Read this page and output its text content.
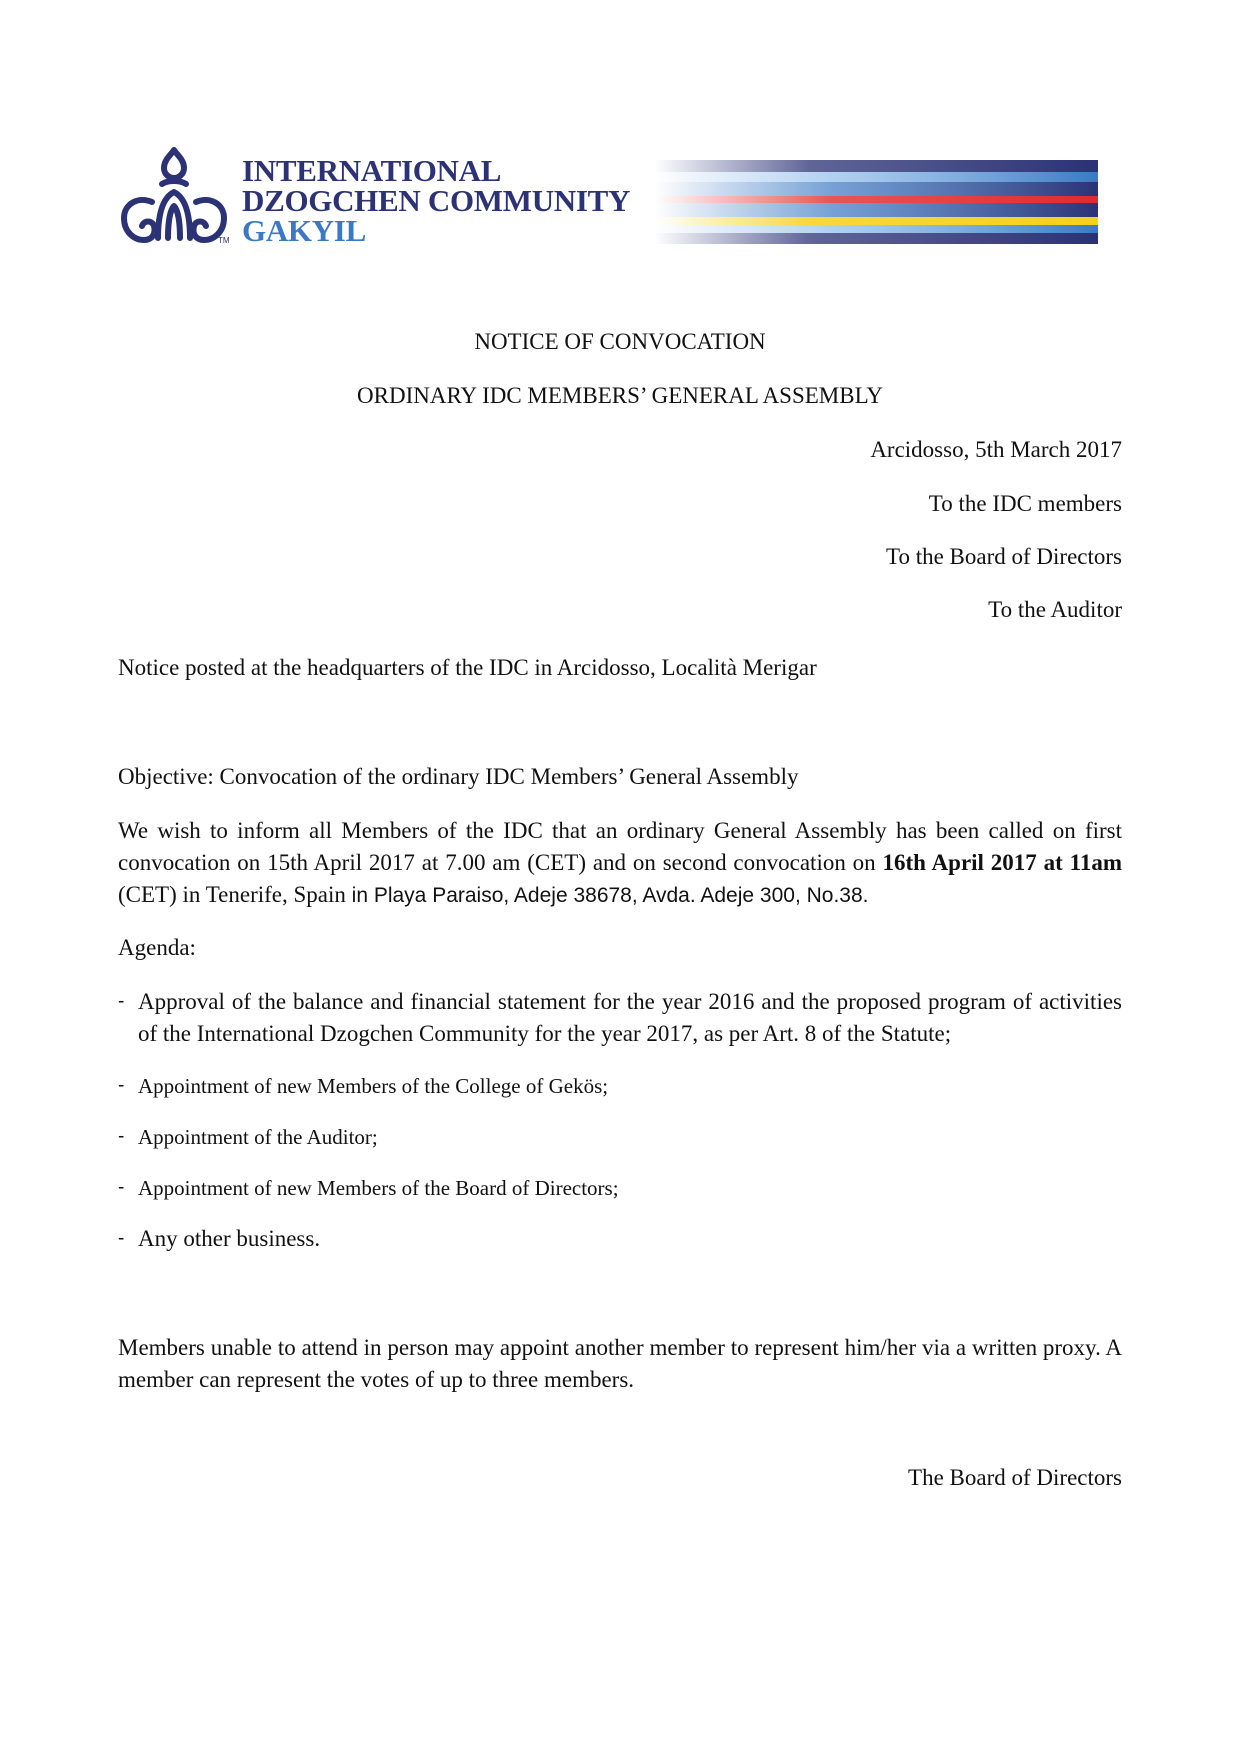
TM
INTERNATIONAL
DZOGCHEN COMMUNITY
GAKYIL
NOTICE OF CONVOCATION
ORDINARY IDC MEMBERS’ GENERAL ASSEMBLY
Arcidosso, 5th March 2017
To the IDC members
To the Board of Directors
To the Auditor
Notice posted at the headquarters of the IDC in Arcidosso, Località Merigar
Objective: Convocation of the ordinary IDC Members’ General Assembly
We wish to inform all Members of the IDC that an ordinary General Assembly has been called on first convocation on 15th April 2017 at 7.00 am (CET) and on second convocation on 16th April 2017 at 11am (CET) in Tenerife, Spain in Playa Paraiso, Adeje 38678, Avda. Adeje 300, No.38.
Agenda:
- Approval of the balance and financial statement for the year 2016 and the proposed program of activities of the International Dzogchen Community for the year 2017, as per Art. 8 of the Statute;
- Appointment of new Members of the College of Gekös;
- Appointment of the Auditor;
- Appointment of new Members of the Board of Directors;
- Any other business.
Members unable to attend in person may appoint another member to represent him/her via a written proxy. A member can represent the votes of up to three members.
The Board of Directors
